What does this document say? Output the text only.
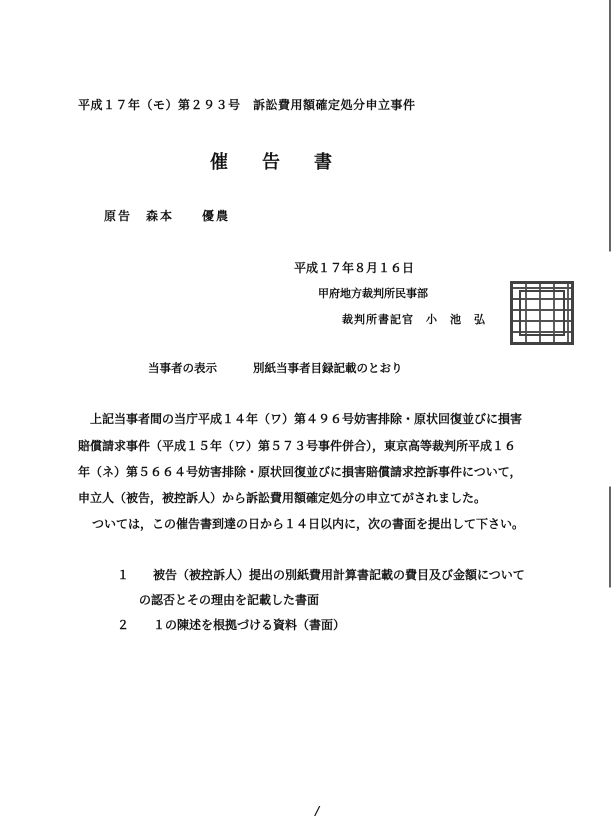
平成１７年（モ）第２９３号　訴訟費用額確定処分申立事件
催告書
原告　森本　　優農
平成１７年８月１６日
甲府地方裁判所民事部
裁判所書記官　小　池　弘
当事者の表示	別紙当事者目録記載のとおり
上記当事者間の当庁平成１４年（ワ）第４９６号妨害排除・原状回復並びに損害
賠償請求事件（平成１５年（ワ）第５７３号事件併合），東京高等裁判所平成１６
年（ネ）第５６６４号妨害排除・原状回復並びに損害賠償請求控訴事件について，
申立人（被告，被控訴人）から訴訟費用額確定処分の申立てがされました。
ついては，この催告書到達の日から１４日以内に，次の書面を提出して下さい。
１ 被告（被控訴人）提出の別紙費用計算書記載の費目及び金額について
の認否とその理由を記載した書面
２ １の陳述を根拠づける資料（書面）
/
